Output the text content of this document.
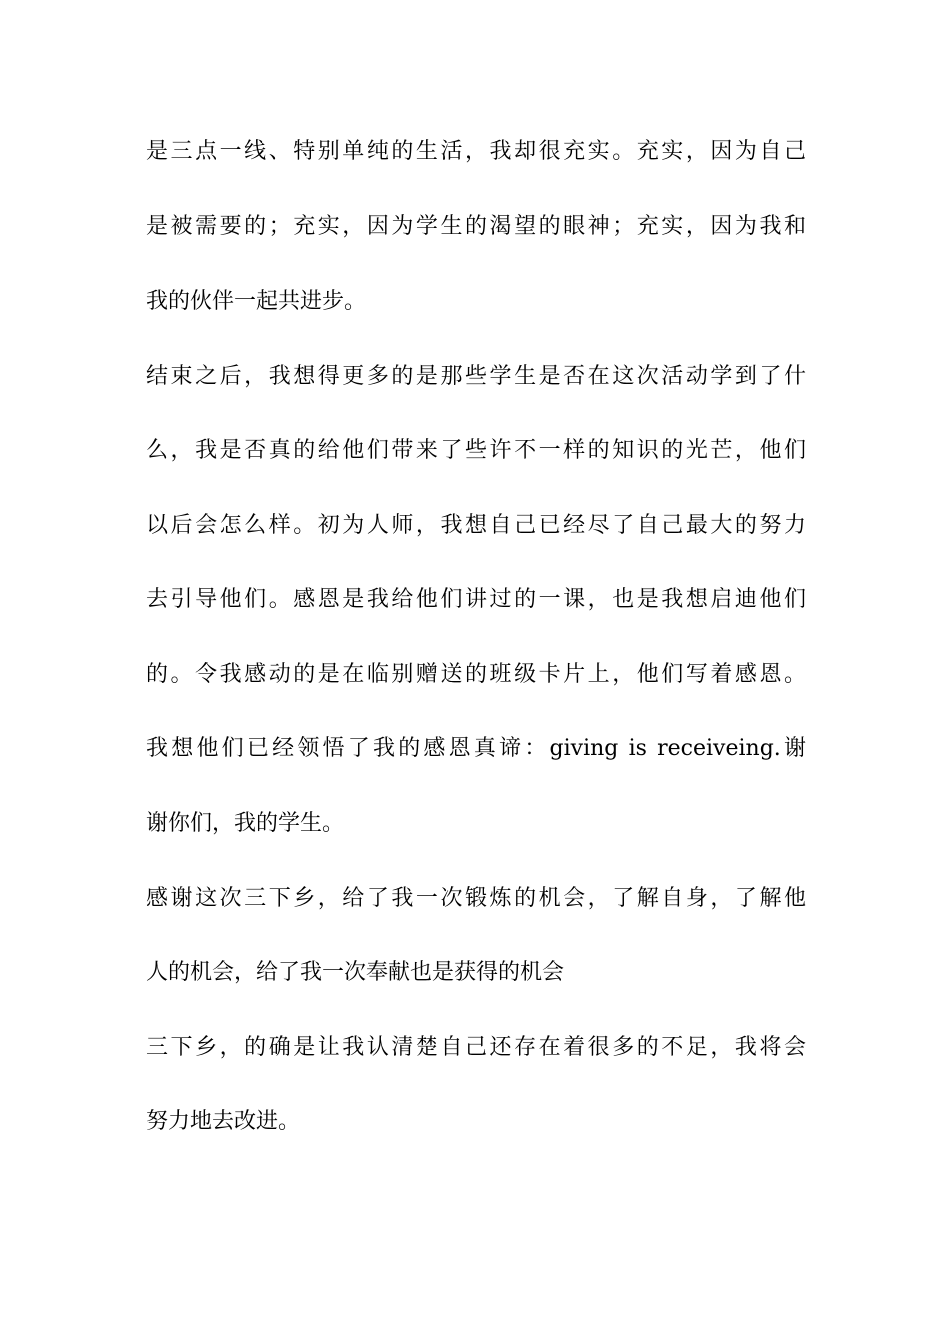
是三点一线、特别单纯的生活，我却很充实。充实，因为自己

是被需要的；充实，因为学生的渴望的眼神；充实，因为我和

我的伙伴一起共进步。

结束之后，我想得更多的是那些学生是否在这次活动学到了什

么，我是否真的给他们带来了些许不一样的知识的光芒，他们

以后会怎么样。初为人师，我想自己已经尽了自己最大的努力

去引导他们。感恩是我给他们讲过的一课，也是我想启迪他们

的。令我感动的是在临别赠送的班级卡片上，他们写着感恩。

我想他们已经领悟了我的感恩真谛：giving is receiveing.谢

谢你们，我的学生。

感谢这次三下乡，给了我一次锻炼的机会，了解自身，了解他

人的机会，给了我一次奉献也是获得的机会

三下乡，的确是让我认清楚自己还存在着很多的不足，我将会

努力地去改进。
